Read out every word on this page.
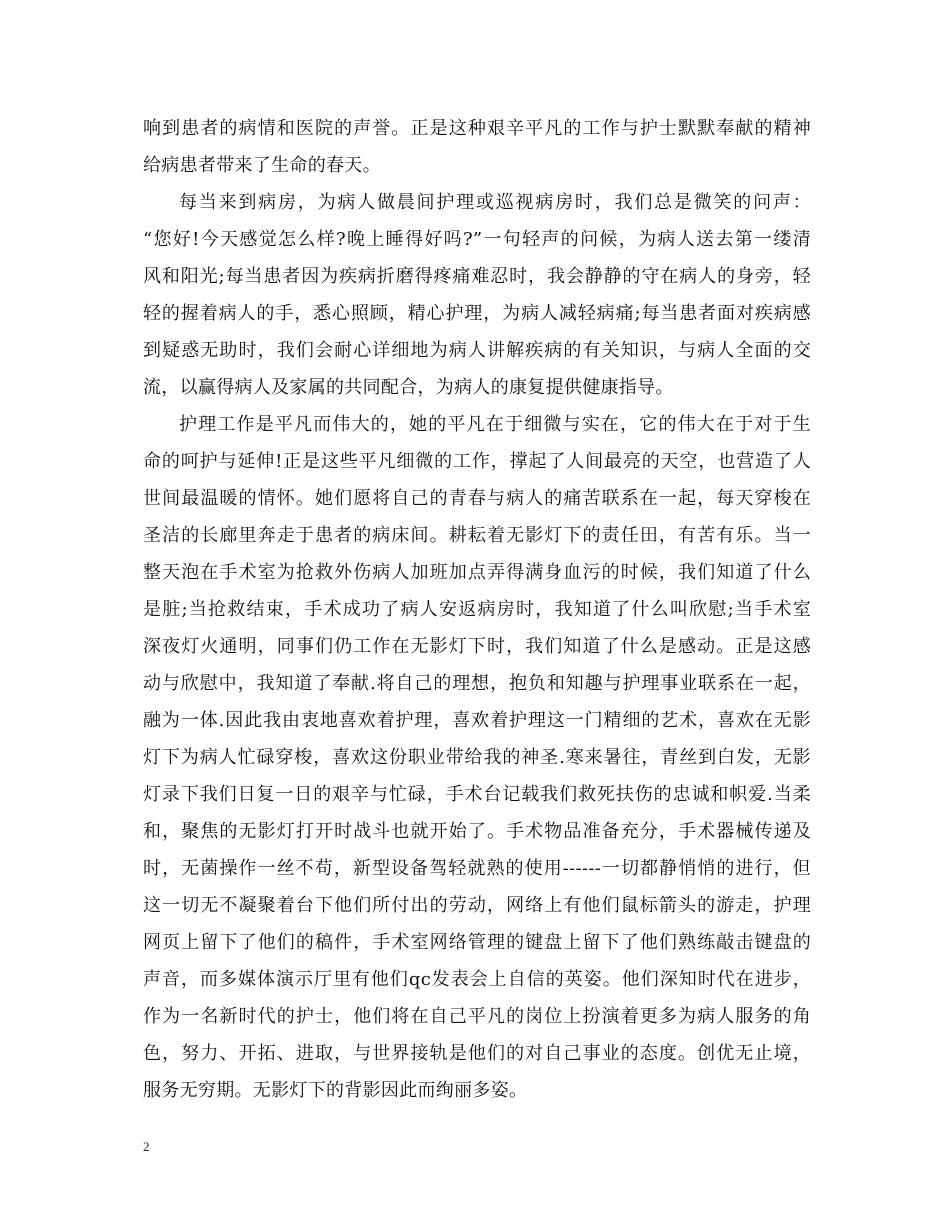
响到患者的病情和医院的声誉。正是这种艰辛平凡的工作与护士默默奉献的精神
给病患者带来了生命的春天。
每当来到病房，为病人做晨间护理或巡视病房时，我们总是微笑的问声：
“您好!今天感觉怎么样?晚上睡得好吗?”一句轻声的问候，为病人送去第一缕清
风和阳光;每当患者因为疾病折磨得疼痛难忍时，我会静静的守在病人的身旁，轻
轻的握着病人的手，悉心照顾，精心护理，为病人减轻病痛;每当患者面对疾病感
到疑惑无助时，我们会耐心详细地为病人讲解疾病的有关知识，与病人全面的交
流，以赢得病人及家属的共同配合，为病人的康复提供健康指导。
护理工作是平凡而伟大的，她的平凡在于细微与实在，它的伟大在于对于生
命的呵护与延伸!正是这些平凡细微的工作，撑起了人间最亮的天空，也营造了人
世间最温暖的情怀。她们愿将自己的青春与病人的痛苦联系在一起，每天穿梭在
圣洁的长廊里奔走于患者的病床间。耕耘着无影灯下的责任田，有苦有乐。当一
整天泡在手术室为抢救外伤病人加班加点弄得满身血污的时候，我们知道了什么
是脏;当抢救结束，手术成功了病人安返病房时，我知道了什么叫欣慰;当手术室
深夜灯火通明，同事们仍工作在无影灯下时，我们知道了什么是感动。正是这感
动与欣慰中，我知道了奉献.将自己的理想，抱负和知趣与护理事业联系在一起，
融为一体.因此我由衷地喜欢着护理，喜欢着护理这一门精细的艺术，喜欢在无影
灯下为病人忙碌穿梭，喜欢这份职业带给我的神圣.寒来暑往，青丝到白发，无影
灯录下我们日复一日的艰辛与忙碌，手术台记载我们救死扶伤的忠诚和帜爱.当柔
和，聚焦的无影灯打开时战斗也就开始了。手术物品准备充分，手术器械传递及
时，无菌操作一丝不苟，新型设备驾轻就熟的使用------一切都静悄悄的进行，但
这一切无不凝聚着台下他们所付出的劳动，网络上有他们鼠标箭头的游走，护理
网页上留下了他们的稿件，手术室网络管理的键盘上留下了他们熟练敲击键盘的
声音，而多媒体演示厅里有他们qc发表会上自信的英姿。他们深知时代在进步，
作为一名新时代的护士，他们将在自己平凡的岗位上扮演着更多为病人服务的角
色，努力、开拓、进取，与世界接轨是他们的对自己事业的态度。创优无止境，
服务无穷期。无影灯下的背影因此而绚丽多姿。
2
